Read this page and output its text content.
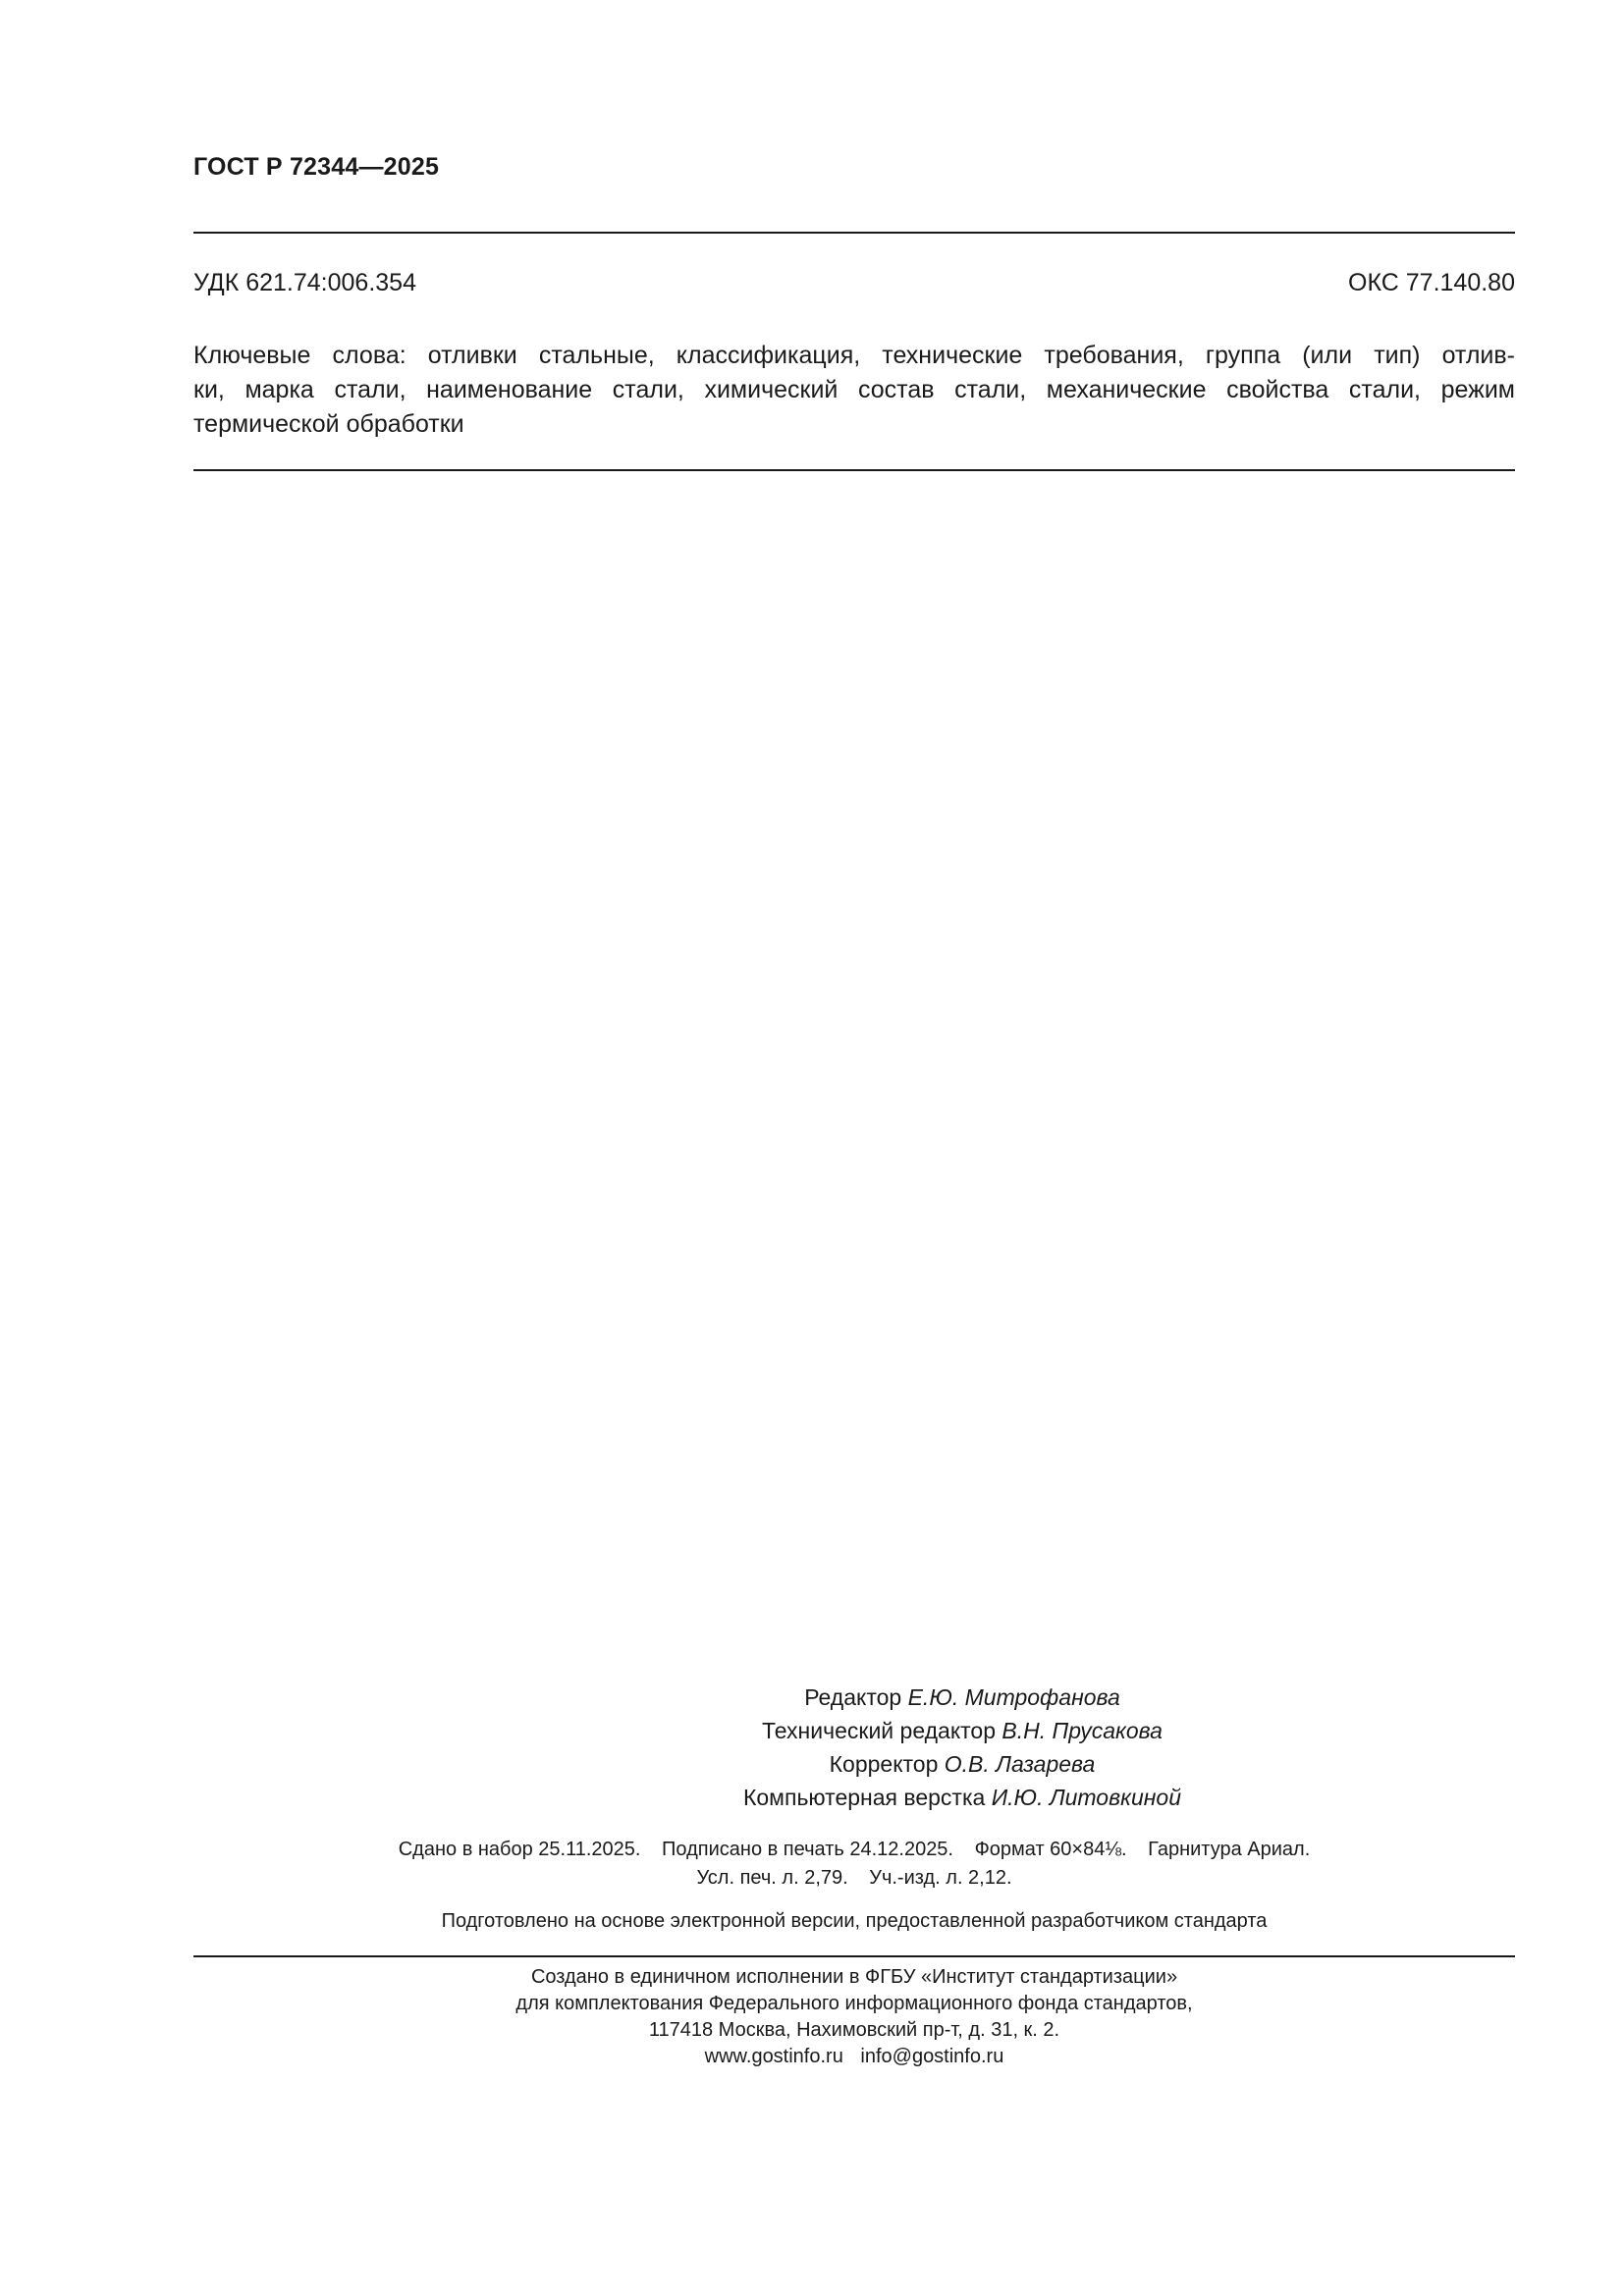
ГОСТ Р 72344—2025
УДК 621.74:006.354	ОКС 77.140.80
Ключевые слова: отливки стальные, классификация, технические требования, группа (или тип) отлив-
ки, марка стали, наименование стали, химический состав стали, механические свойства стали, режим
термической обработки
Редактор Е.Ю. Митрофанова
Технический редактор В.Н. Прусакова
Корректор О.В. Лазарева
Компьютерная верстка И.Ю. Литовкиной
Сдано в набор 25.11.2025. Подписано в печать 24.12.2025. Формат 60×84⅛. Гарнитура Ариал.
Усл. печ. л. 2,79. Уч.-изд. л. 2,12.
Подготовлено на основе электронной версии, предоставленной разработчиком стандарта
Создано в единичном исполнении в ФГБУ «Институт стандартизации»
для комплектования Федерального информационного фонда стандартов,
117418 Москва, Нахимовский пр-т, д. 31, к. 2.
www.gostinfo.ru info@gostinfo.ru
